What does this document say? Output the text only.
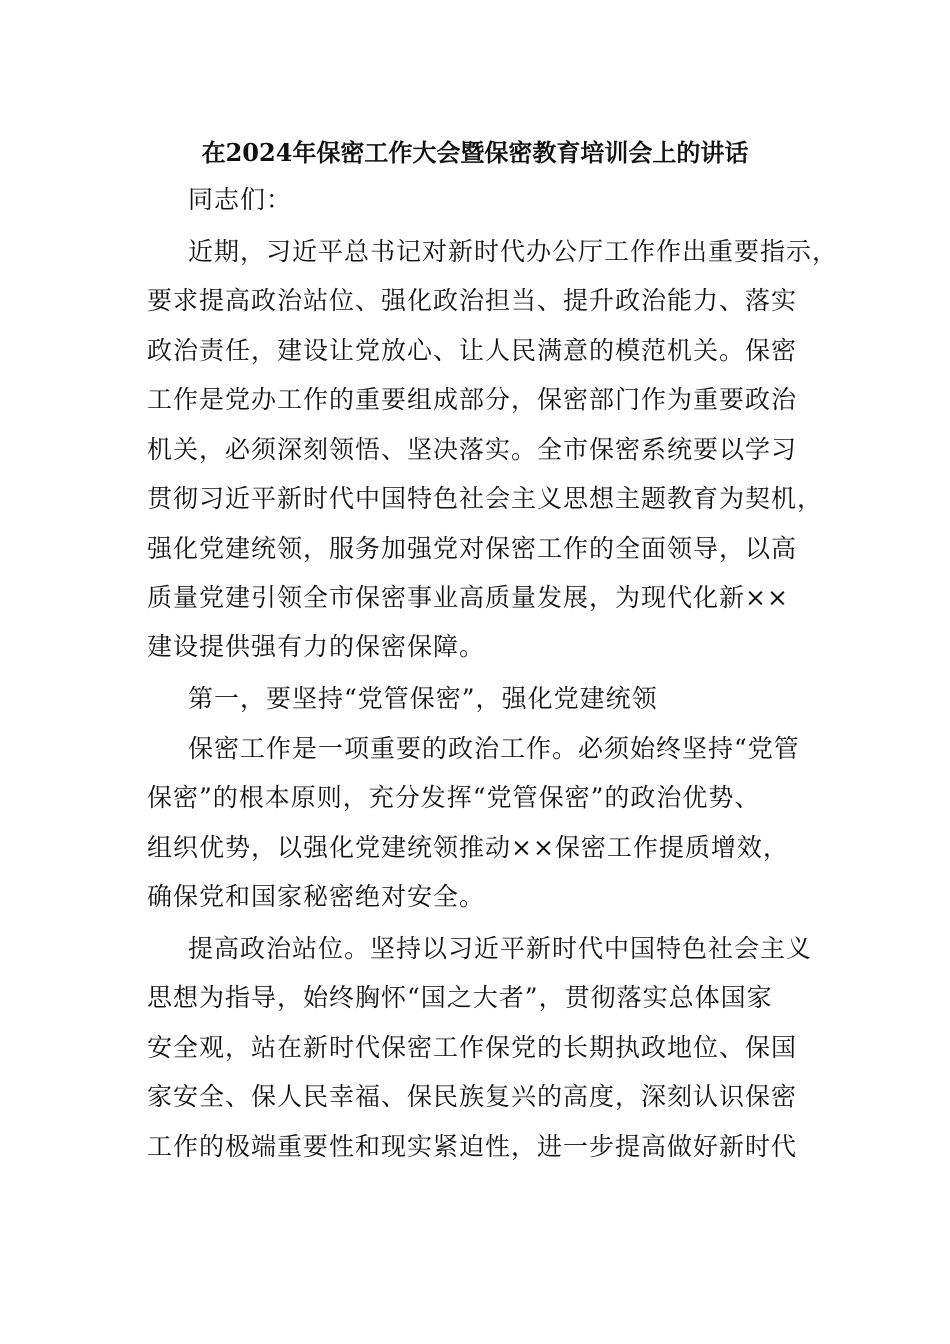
在2024年保密工作大会暨保密教育培训会上的讲话

同志们：

近期，习近平总书记对新时代办公厅工作作出重要指示，

要求提高政治站位、强化政治担当、提升政治能力、落实

政治责任，建设让党放心、让人民满意的模范机关。保密

工作是党办工作的重要组成部分，保密部门作为重要政治

机关，必须深刻领悟、坚决落实。全市保密系统要以学习

贯彻习近平新时代中国特色社会主义思想主题教育为契机，

强化党建统领，服务加强党对保密工作的全面领导，以高

质量党建引领全市保密事业高质量发展，为现代化新××

建设提供强有力的保密保障。

第一，要坚持“党管保密”，强化党建统领

保密工作是一项重要的政治工作。必须始终坚持“党管

保密”的根本原则，充分发挥“党管保密”的政治优势、

组织优势，以强化党建统领推动××保密工作提质增效，

确保党和国家秘密绝对安全。

提高政治站位。坚持以习近平新时代中国特色社会主义

思想为指导，始终胸怀“国之大者”，贯彻落实总体国家

安全观，站在新时代保密工作保党的长期执政地位、保国

家安全、保人民幸福、保民族复兴的高度，深刻认识保密

工作的极端重要性和现实紧迫性，进一步提高做好新时代
